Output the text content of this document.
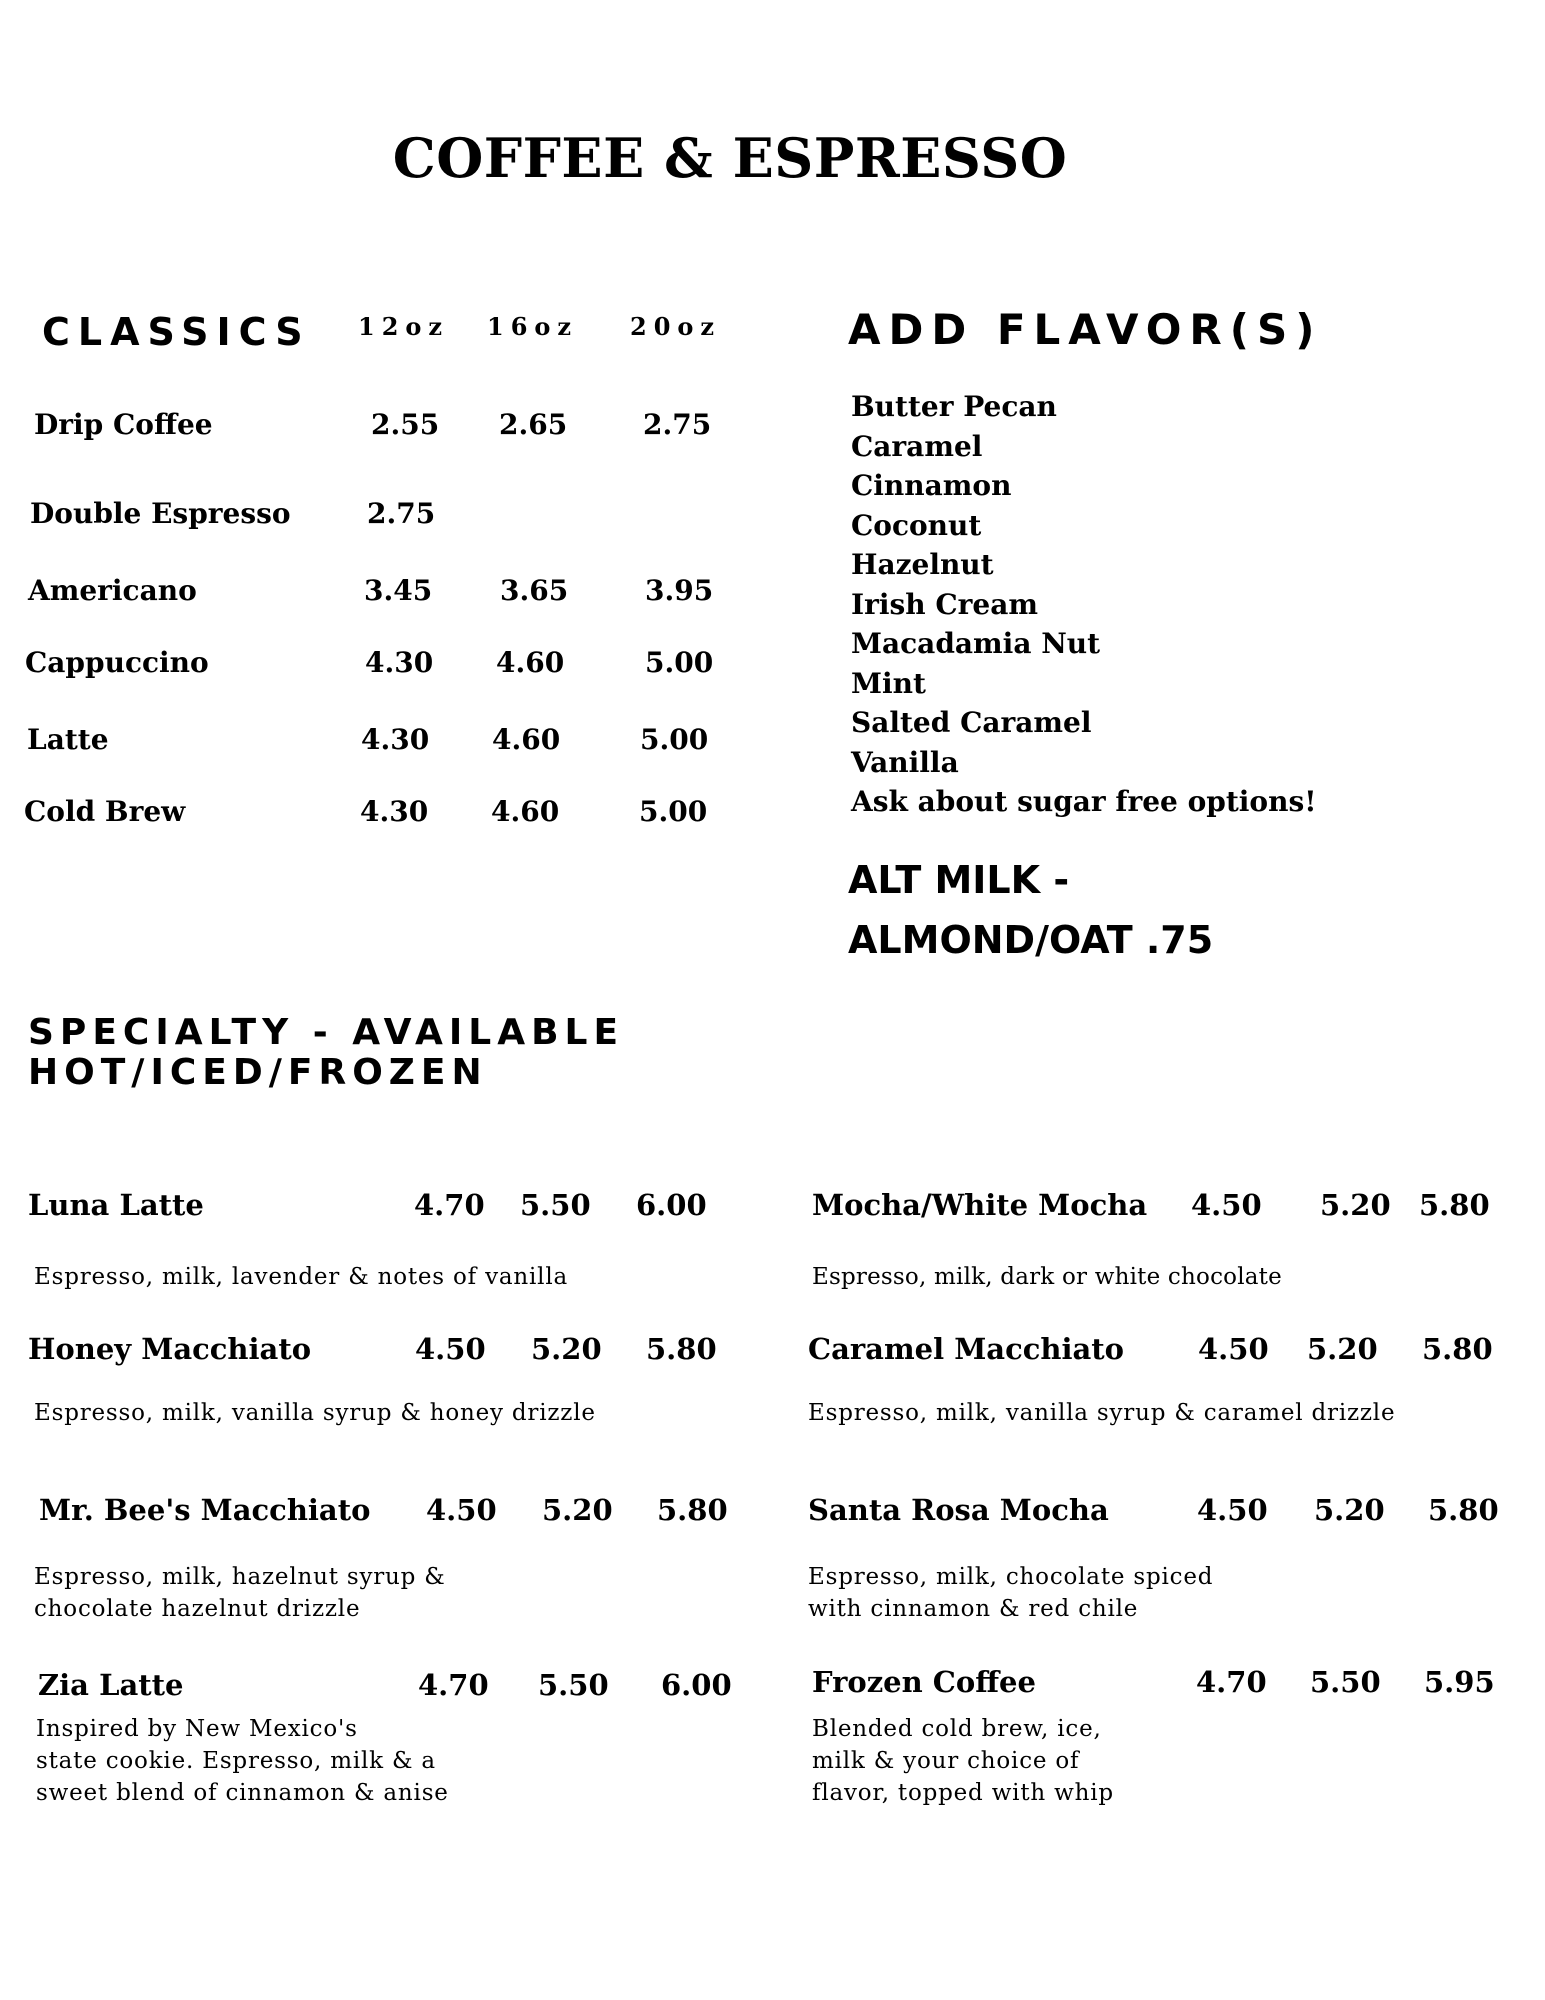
COFFEE & ESPRESSO
CLASSICS 12oz 16oz 20oz
Drip Coffee	2.55 2.65	2.75
Double Espresso	2.75
Americano	3.45 3.65	3.95
Cappuccino	4.30 4.60	5.00
Latte	4.30 4.60	5.00
Cold Brew	4.30 4.60	5.00
ADD FLAVOR(S)
Butter Pecan
Caramel
Cinnamon
Coconut
Hazelnut
Irish Cream
Macadamia Nut
Mint
Salted Caramel
Vanilla
Ask about sugar free options!
ALT MILK -
ALMOND/OAT .75
SPECIALTY - AVAILABLE
HOT/ICED/FROZEN
Luna Latte	4.70 5.50 6.00
Espresso, milk, lavender & notes of vanilla
Honey Macchiato	4.50 5.20 5.80
Espresso, milk, vanilla syrup & honey drizzle
Mr. Bee's Macchiato 4.50 5.20 5.80
Espresso, milk, hazelnut syrup &
chocolate hazelnut drizzle
Zia Latte	4.70 5.50 6.00
Inspired by New Mexico's
state cookie. Espresso, milk & a
sweet blend of cinnamon & anise
Mocha/White Mocha 4.50 5.20 5.80
Espresso, milk, dark or white chocolate
Caramel Macchiato	4.50 5.20 5.80
Espresso, milk, vanilla syrup & caramel drizzle
Santa Rosa Mocha	4.50 5.20 5.80
Espresso, milk, chocolate spiced
with cinnamon & red chile
Frozen Coffee	4.70 5.50 5.95
Blended cold brew, ice,
milk & your choice of
flavor, topped with whip
